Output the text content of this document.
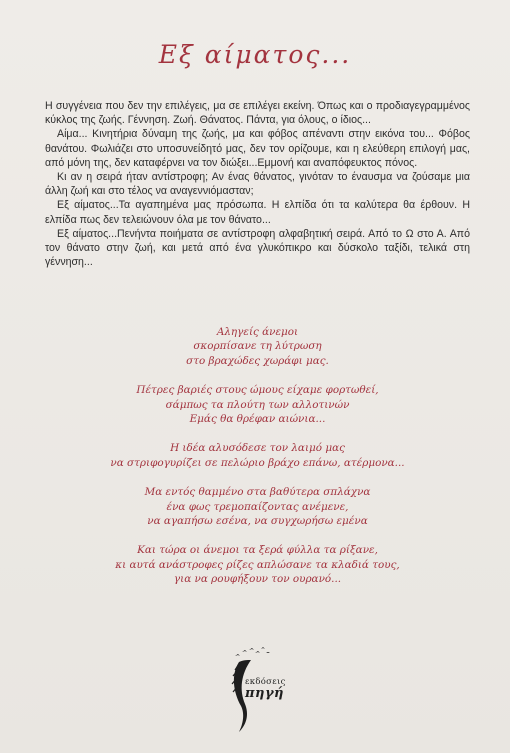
Εξ αίματος...

Η συγγένεια που δεν την επιλέγεις, μα σε επιλέγει εκείνη. Όπως και ο προδιαγεγραμμένος κύκλος της ζωής. Γέννηση. Ζωή. Θάνατος. Πάντα, για όλους, ο ίδιος...

Αίμα... Κινητήρια δύναμη της ζωής, μα και φόβος απέναντι στην εικόνα του... Φόβος θανάτου. Φωλιάζει στο υποσυνείδητό μας, δεν τον ορίζουμε, και η ελεύθερη επιλογή μας, από μόνη της, δεν καταφέρνει να τον διώξει...Εμμονή και αναπόφευκτος πόνος.

Κι αν η σειρά ήταν αντίστροφη; Αν ένας θάνατος, γινόταν το έναυσμα να ζούσαμε μια άλλη ζωή και στο τέλος να αναγεννιόμασταν;

Εξ αίματος...Τα αγαπημένα μας πρόσωπα. Η ελπίδα ότι τα καλύτερα θα έρθουν. Η ελπίδα πως δεν τελειώνουν όλα με τον θάνατο...

Εξ αίματος...Πενήντα ποιήματα σε αντίστροφη αλφαβητική σειρά. Από το Ω στο Α. Από τον θάνατο στην ζωή, και μετά από ένα γλυκόπικρο και δύσκολο ταξίδι, τελικά στη γέννηση...

Αληγείς άνεμοι
σκορπίσανε τη λύτρωση
στο βραχώδες χωράφι μας.
Πέτρες βαριές στους ώμους είχαμε φορτωθεί,
σάμπως τα πλούτη των αλλοτινών
Εμάς θα θρέφαν αιώνια...
Η ιδέα αλυσόδεσε τον λαιμό μας
να στριφογυρίζει σε πελώριο βράχο επάνω, ατέρμονα...
Μα εντός θαμμένο στα βαθύτερα σπλάχνα
ένα φως τρεμοπαίζοντας ανέμενε,
να αγαπήσω εσένα, να συγχωρήσω εμένα
Και τώρα οι άνεμοι τα ξερά φύλλα τα ρίξανε,
κι αυτά ανάστροφες ρίζες απλώσανε τα κλαδιά τους,
για να ρουφήξουν τον ουρανό...
εκδόσεις
πηγή
